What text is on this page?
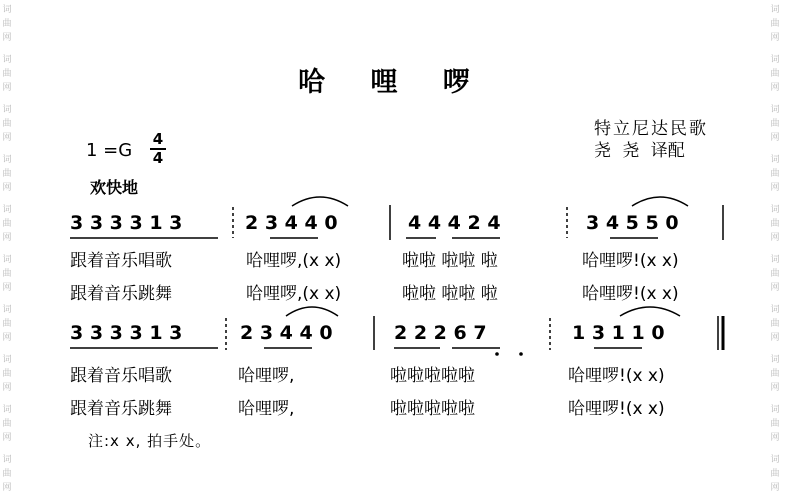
词
曲
网
词
曲
网
词
曲
网
词
曲
网
词
曲
网
词
曲
网
词
曲
网
词
曲
网
词
曲
网
词
曲
网
词
曲
网
词
曲
网
词
曲
网
词
曲
网
词
曲
网
词
曲
网
词
曲
网
词
曲
网
词
曲
网
词
曲
网
哈 哩 啰
特立尼达民歌
尧 尧 译配
1 =G
4
4
欢快地
3 3 3 3 1 3	2 3 4 4 0	4 4 4 2 4	3 4 5 5 0
跟着音乐唱歌	哈哩啰,(x x)	啦啦 啦啦 啦	哈哩啰!(x x)
跟着音乐跳舞	哈哩啰,(x x)	啦啦 啦啦 啦	哈哩啰!(x x)
3 3 3 3 1 3	2 3 4 4 0	2 2 2 6 7	1 3 1 1 0
跟着音乐唱歌	哈哩啰,	啦啦啦啦啦	哈哩啰!(x x)
跟着音乐跳舞	哈哩啰,	啦啦啦啦啦	哈哩啰!(x x)
注:x x, 拍手处。
